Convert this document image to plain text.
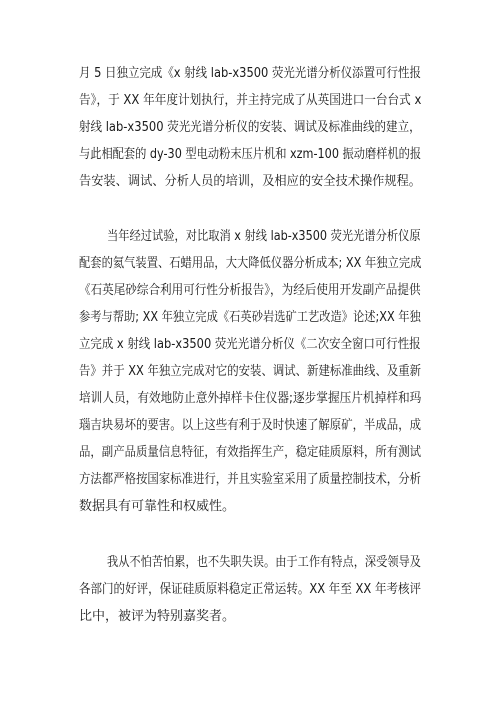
月 5 日独立完成《x 射线 lab-x3500 荧光光谱分析仪添置可行性报
告》，于 XX 年年度计划执行，并主持完成了从英国进口一台台式 x
射线 lab-x3500 荧光光谱分析仪的安装、调试及标准曲线的建立，
与此相配套的 dy-30 型电动粉末压片机和 xzm-100 振动磨样机的报
告安装、调试、分析人员的培训，及相应的安全技术操作规程。
当年经过试验，对比取消 x 射线 lab-x3500 荧光光谱分析仪原
配套的氦气装置、石蜡用品，大大降低仪器分析成本; XX 年独立完成
《石英尾砂综合利用可行性分析报告》，为经后使用开发副产品提供
参考与帮助; XX 年独立完成《石英砂岩选矿工艺改造》论述;XX 年独
立完成 x 射线 lab-x3500 荧光光谱分析仪《二次安全窗口可行性报
告》并于 XX 年独立完成对它的安装、调试、新建标准曲线、及重新
培训人员，有效地防止意外掉样卡住仪器;逐步掌握压片机掉样和玛
瑙吉块易坏的要害。以上这些有利于及时快速了解原矿，半成品，成
品，副产品质量信息特征，有效指挥生产，稳定硅质原料，所有测试
方法都严格按国家标准进行，并且实验室采用了质量控制技术，分析
数据具有可靠性和权威性。
我从不怕苦怕累，也不失职失误。由于工作有特点，深受领导及
各部门的好评，保证硅质原料稳定正常运转。XX 年至 XX 年考核评
比中，被评为特别嘉奖者。
